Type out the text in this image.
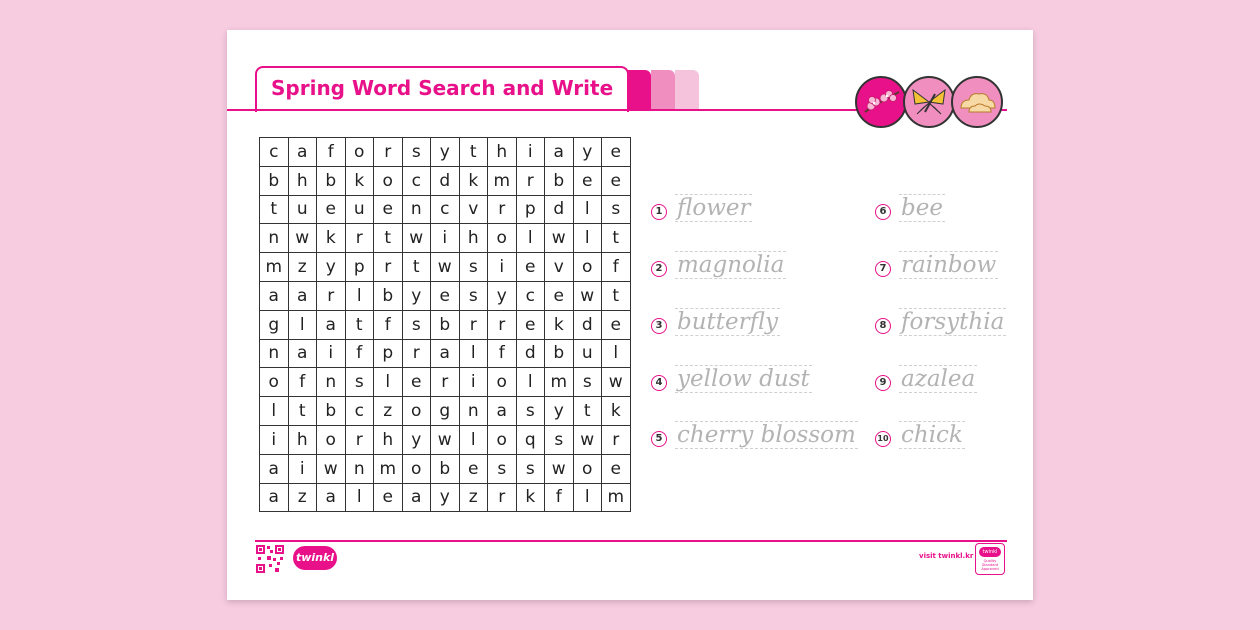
Spring Word Search and Write
c	a	f	o	r	s	y	t	h	i	a	y	e
b	h	b	k	o	c	d	k	m	r	b	e	e
t	u	e	u	e	n	c	v	r	p	d	l	s
n	w	k	r	t	w	i	h	o	l	w	l	t
m	z	y	p	r	t	w	s	i	e	v	o	f
a	a	r	l	b	y	e	s	y	c	e	w	t
g	l	a	t	f	s	b	r	r	e	k	d	e
n	a	i	f	p	r	a	l	f	d	b	u	l
o	f	n	s	l	e	r	i	o	l	m	s	w
l	t	b	c	z	o	g	n	a	s	y	t	k
i	h	o	r	h	y	w	l	o	q	s	w	r
a	i	w	n	m	o	b	e	s	s	w	o	e
a	z	a	l	e	a	y	z	r	k	f	l	m
1 flower
2 magnolia
3 butterfly
4 yellow dust
5 cherry blossom
6 bee
7 rainbow
8 forsythia
9 azalea
10 chick
twinkl	visit twinkl.kr	twinkl
Quality Standard Approved
